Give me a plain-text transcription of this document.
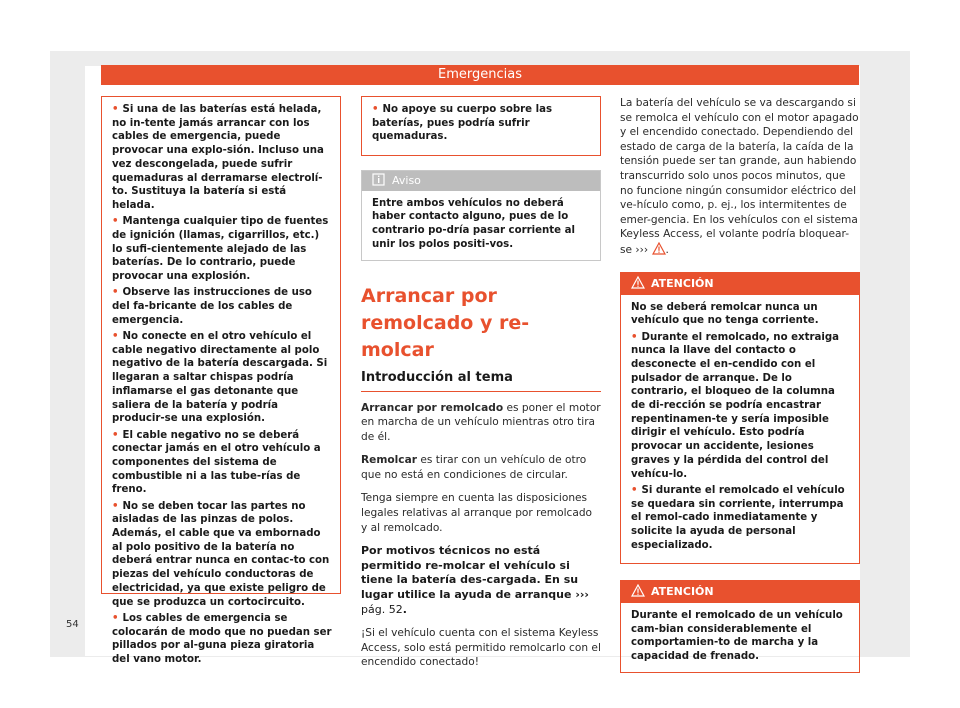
Emergencias
• Si una de las baterías está helada, no in-tente jamás arrancar con los cables de emergencia, puede provocar una explo-sión. Incluso una vez descongelada, puede sufrir quemaduras al derramarse electrolí-to. Sustituya la batería si está helada.
• Mantenga cualquier tipo de fuentes de ignición (llamas, cigarrillos, etc.) lo sufi-cientemente alejado de las baterías. De lo contrario, puede provocar una explosión.
• Observe las instrucciones de uso del fa-bricante de los cables de emergencia.
• No conecte en el otro vehículo el cable negativo directamente al polo negativo de la batería descargada. Si llegaran a saltar chispas podría inflamarse el gas detonante que saliera de la batería y podría producir-se una explosión.
• El cable negativo no se deberá conectar jamás en el otro vehículo a componentes del sistema de combustible ni a las tube-rías de freno.
• No se deben tocar las partes no aisladas de las pinzas de polos. Además, el cable que va embornado al polo positivo de la batería no deberá entrar nunca en contac-to con piezas del vehículo conductoras de electricidad, ya que existe peligro de que se produzca un cortocircuito.
• Los cables de emergencia se colocarán de modo que no puedan ser pillados por al-guna pieza giratoria del vano motor.
• No apoye su cuerpo sobre las baterías, pues podría sufrir quemaduras.
Aviso
Entre ambos vehículos no deberá haber contacto alguno, pues de lo contrario po-dría pasar corriente al unir los polos positi-vos.
Arrancar por remolcado y re-molcar
Introducción al tema
Arrancar por remolcado es poner el motor en marcha de un vehículo mientras otro tira de él.
Remolcar es tirar con un vehículo de otro que no está en condiciones de circular.
Tenga siempre en cuenta las disposiciones legales relativas al arranque por remolcado y al remolcado.
Por motivos técnicos no está permitido re-molcar el vehículo si tiene la batería des-cargada. En su lugar utilice la ayuda de arranque ››› pág. 52.
¡Si el vehículo cuenta con el sistema Keyless Access, solo está permitido remolcarlo con el encendido conectado!
La batería del vehículo se va descargando si se remolca el vehículo con el motor apagado y el encendido conectado. Dependiendo del estado de carga de la batería, la caída de la tensión puede ser tan grande, aun habiendo transcurrido solo unos pocos minutos, que no funcione ningún consumidor eléctrico del ve-hículo como, p. ej., los intermitentes de emer-gencia. En los vehículos con el sistema Keyless Access, el volante podría bloquear-se ››› .
ATENCIÓN

No se deberá remolcar nunca un vehículo que no tenga corriente.

• Durante el remolcado, no extraiga nunca la llave del contacto o desconecte el en-cendido con el pulsador de arranque. De lo contrario, el bloqueo de la columna de di-rección se podría encastrar repentinamen-te y sería imposible dirigir el vehículo. Esto podría provocar un accidente, lesiones graves y la pérdida del control del vehícu-lo.

• Si durante el remolcado el vehículo se quedara sin corriente, interrumpa el remol-cado inmediatamente y solicite la ayuda de personal especializado.

ATENCIÓN
Durante el remolcado de un vehículo cam-bian considerablemente el comportamien-to de marcha y la capacidad de frenado.
54
